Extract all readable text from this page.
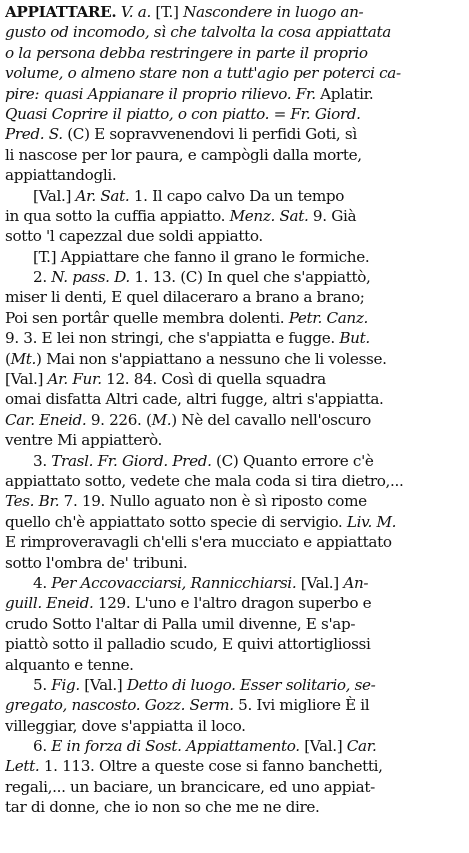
APPIATTARE. V. a. [T.] Nascondere in luogo an-
gusto od incomodo, sì che talvolta la cosa appiattata
o la persona debba restringere in parte il proprio
volume, o almeno stare non a tutt'agio per poterci ca-
pire: quasi Appianare il proprio rilievo. Fr. Aplatir.
Quasi Coprire il piatto, o con piatto. = Fr. Giord.
Pred. S. (C) E sopravvenendovi li perfidi Goti, sì
li nascose per lor paura, e campògli dalla morte,
appiattandogli.
[Val.] Ar. Sat. 1. Il capo calvo Da un tempo
in qua sotto la cuffia appiatto. Menz. Sat. 9. Già
sotto 'l capezzal due soldi appiatto.
[T.] Appiattare che fanno il grano le formiche.
2. N. pass. D. 1. 13. (C) In quel che s'appiattò,
miser li denti, E quel dilaceraro a brano a brano;
Poi sen portâr quelle membra dolenti. Petr. Canz.
9. 3. E lei non stringi, che s'appiatta e fugge. But.
(Mt.) Mai non s'appiattano a nessuno che li volesse.
[Val.] Ar. Fur. 12. 84. Così di quella squadra
omai disfatta Altri cade, altri fugge, altri s'appiatta.
Car. Eneid. 9. 226. (M.) Nè del cavallo nell'oscuro
ventre Mi appiatterò.
3. Trasl. Fr. Giord. Pred. (C) Quanto errore c'è
appiattato sotto, vedete che mala coda si tira dietro,...
Tes. Br. 7. 19. Nullo aguato non è sì riposto come
quello ch'è appiattato sotto specie di servigio. Liv. M.
E rimproveravagli ch'elli s'era mucciato e appiattato
sotto l'ombra de' tribuni.
4. Per Accovacciarsi, Rannicchiarsi. [Val.] An-
guill. Eneid. 129. L'uno e l'altro dragon superbo e
crudo Sotto l'altar di Palla umil divenne, E s'ap-
piattò sotto il palladio scudo, E quivi attortigliossi
alquanto e tenne.
5. Fig. [Val.] Detto di luogo. Esser solitario, se-
gregato, nascosto. Gozz. Serm. 5. Ivi migliore È il
villeggiar, dove s'appiatta il loco.
6. E in forza di Sost. Appiattamento. [Val.] Car.
Lett. 1. 113. Oltre a queste cose si fanno banchetti,
regali,... un baciare, un brancicare, ed uno appiat-
tar di donne, che io non so che me ne dire.
